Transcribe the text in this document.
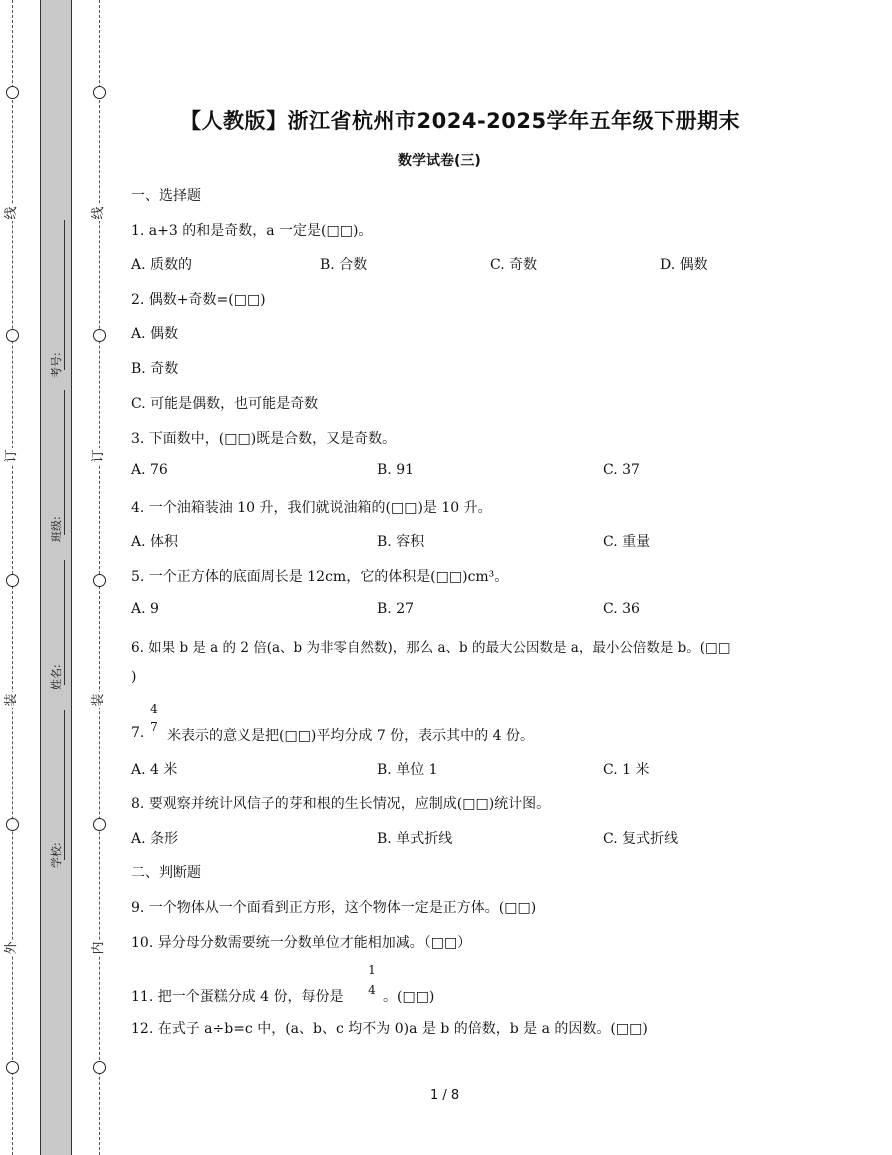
线
订
装
外
线
订
装
内
考号:
班级:
姓名:
学校:
【人教版】浙江省杭州市2024-2025学年五年级下册期末
数学试卷(三)
一、选择题
1. a+3 的和是奇数，a 一定是(□□)。
A. 质数的	B. 合数	C. 奇数	D. 偶数
2. 偶数+奇数=(□□)
A. 偶数
B. 奇数
C. 可能是偶数，也可能是奇数
3. 下面数中，(□□)既是合数，又是奇数。
A. 76	B. 91	C. 37
4. 一个油箱装油 10 升，我们就说油箱的(□□)是 10 升。
A. 体积	B. 容积	C. 重量
5. 一个正方体的底面周长是 12cm，它的体积是(□□)cm³。
A. 9	B. 27	C. 36
6. 如果 b 是 a 的 2 倍(a、b 为非零自然数)，那么 a、b 的最大公因数是 a，最小公倍数是 b。(□□
)
7.
4
7
米表示的意义是把(□□)平均分成 7 份，表示其中的 4 份。
A. 4 米	B. 单位 1	C. 1 米
8. 要观察并统计风信子的芽和根的生长情况，应制成(□□)统计图。
A. 条形	B. 单式折线	C. 复式折线
二、判断题
9. 一个物体从一个面看到正方形，这个物体一定是正方体。(□□)
10. 异分母分数需要统一分数单位才能相加减。（□□）
11. 把一个蛋糕分成 4 份，每份是
1
4 。(□□)
12. 在式子 a÷b=c 中，(a、b、c 均不为 0)a 是 b 的倍数，b 是 a 的因数。(□□)
1 / 8
